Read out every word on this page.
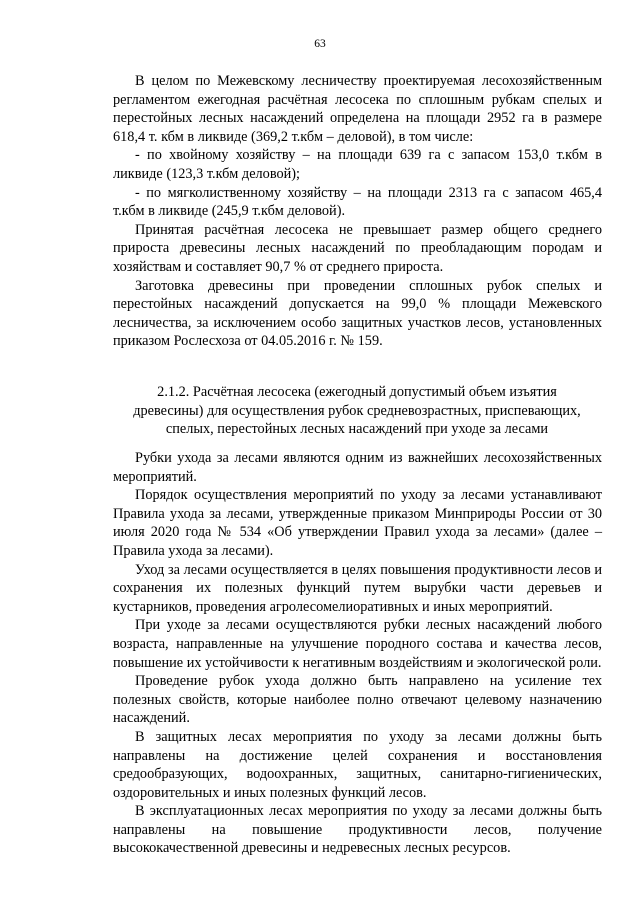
63

В целом по Межевскому лесничеству проектируемая лесохозяйственным регламентом ежегодная расчётная лесосека по сплошным рубкам спелых и перестойных лесных насаждений определена на площади 2952 га в размере 618,4 т. кбм в ликвиде (369,2 т.кбм – деловой), в том числе:

- по хвойному хозяйству – на площади 639 га с запасом 153,0 т.кбм в ликвиде (123,3 т.кбм деловой);

- по мягколиственному хозяйству – на площади 2313 га с запасом 465,4 т.кбм в ликвиде (245,9 т.кбм деловой).

Принятая расчётная лесосека не превышает размер общего среднего прироста древесины лесных насаждений по преобладающим породам и хозяйствам и составляет 90,7 % от среднего прироста.

Заготовка древесины при проведении сплошных рубок спелых и перестойных насаждений допускается на 99,0 % площади Межевского лесничества, за исключением особо защитных участков лесов, установленных приказом Рослесхоза от 04.05.2016 г. № 159.

2.1.2. Расчётная лесосека (ежегодный допустимый объем изъятия
древесины) для осуществления рубок средневозрастных, приспевающих,
спелых, перестойных лесных насаждений при уходе за лесами

Рубки ухода за лесами являются одним из важнейших лесохозяйственных мероприятий.

Порядок осуществления мероприятий по уходу за лесами устанавливают Правила ухода за лесами, утвержденные приказом Минприроды России от 30 июля 2020 года № 534 «Об утверждении Правил ухода за лесами» (далее – Правила ухода за лесами).

Уход за лесами осуществляется в целях повышения продуктивности лесов и сохранения их полезных функций путем вырубки части деревьев и кустарников, проведения агролесомелиоративных и иных мероприятий.

При уходе за лесами осуществляются рубки лесных насаждений любого возраста, направленные на улучшение породного состава и качества лесов, повышение их устойчивости к негативным воздействиям и экологической роли.

Проведение рубок ухода должно быть направлено на усиление тех полезных свойств, которые наиболее полно отвечают целевому назначению насаждений.

В защитных лесах мероприятия по уходу за лесами должны быть направлены на достижение целей сохранения и восстановления средообразующих, водоохранных, защитных, санитарно-гигиенических, оздоровительных и иных полезных функций лесов.

В эксплуатационных лесах мероприятия по уходу за лесами должны быть направлены на повышение продуктивности лесов, получение высококачественной древесины и недревесных лесных ресурсов.
